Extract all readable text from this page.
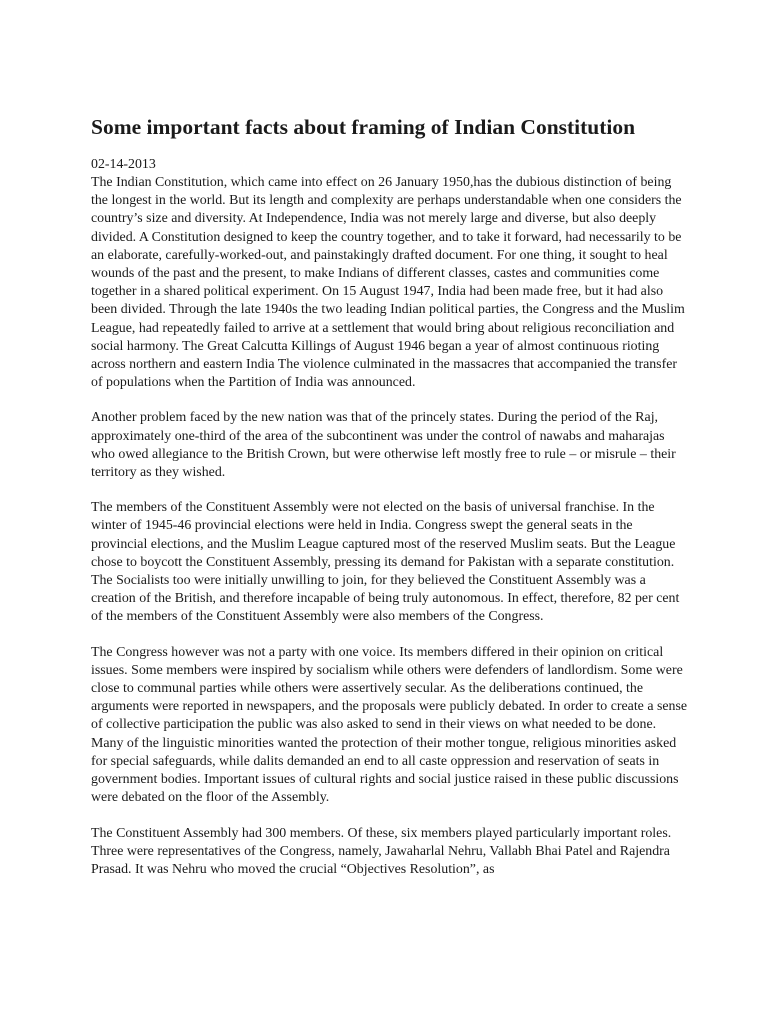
Some important facts about framing of Indian Constitution

02-14-2013

The Indian Constitution, which came into effect on 26 January 1950,has the dubious distinction of being the longest in the world. But its length and complexity are perhaps understandable when one considers the country’s size and diversity. At Independence, India was not merely large and diverse, but also deeply divided. A Constitution designed to keep the country together, and to take it forward, had necessarily to be an elaborate, carefully-worked-out, and painstakingly drafted document. For one thing, it sought to heal wounds of the past and the present, to make Indians of different classes, castes and communities come together in a shared political experiment. On 15 August 1947, India had been made free, but it had also been divided. Through the late 1940s the two leading Indian political parties, the Congress and the Muslim League, had repeatedly failed to arrive at a settlement that would bring about religious reconciliation and social harmony. The Great Calcutta Killings of August 1946 began a year of almost continuous rioting across northern and eastern India The violence culminated in the massacres that accompanied the transfer of populations when the Partition of India was announced.

Another problem faced by the new nation was that of the princely states. During the period of the Raj, approximately one-third of the area of the subcontinent was under the control of nawabs and maharajas who owed allegiance to the British Crown, but were otherwise left mostly free to rule – or misrule – their territory as they wished.

The members of the Constituent Assembly were not elected on the basis of universal franchise. In the winter of 1945-46 provincial elections were held in India. Congress swept the general seats in the provincial elections, and the Muslim League captured most of the reserved Muslim seats. But the League chose to boycott the Constituent Assembly, pressing its demand for Pakistan with a separate constitution. The Socialists too were initially unwilling to join, for they believed the Constituent Assembly was a creation of the British, and therefore incapable of being truly autonomous. In effect, therefore, 82 per cent of the members of the Constituent Assembly were also members of the Congress.

The Congress however was not a party with one voice. Its members differed in their opinion on critical issues. Some members were inspired by socialism while others were defenders of landlordism. Some were close to communal parties while others were assertively secular. As the deliberations continued, the arguments were reported in newspapers, and the proposals were publicly debated. In order to create a sense of collective participation the public was also asked to send in their views on what needed to be done. Many of the linguistic minorities wanted the protection of their mother tongue, religious minorities asked for special safeguards, while dalits demanded an end to all caste oppression and reservation of seats in government bodies. Important issues of cultural rights and social justice raised in these public discussions were debated on the floor of the Assembly.

The Constituent Assembly had 300 members. Of these, six members played particularly important roles. Three were representatives of the Congress, namely, Jawaharlal Nehru, Vallabh Bhai Patel and Rajendra Prasad. It was Nehru who moved the crucial “Objectives Resolution”, as
